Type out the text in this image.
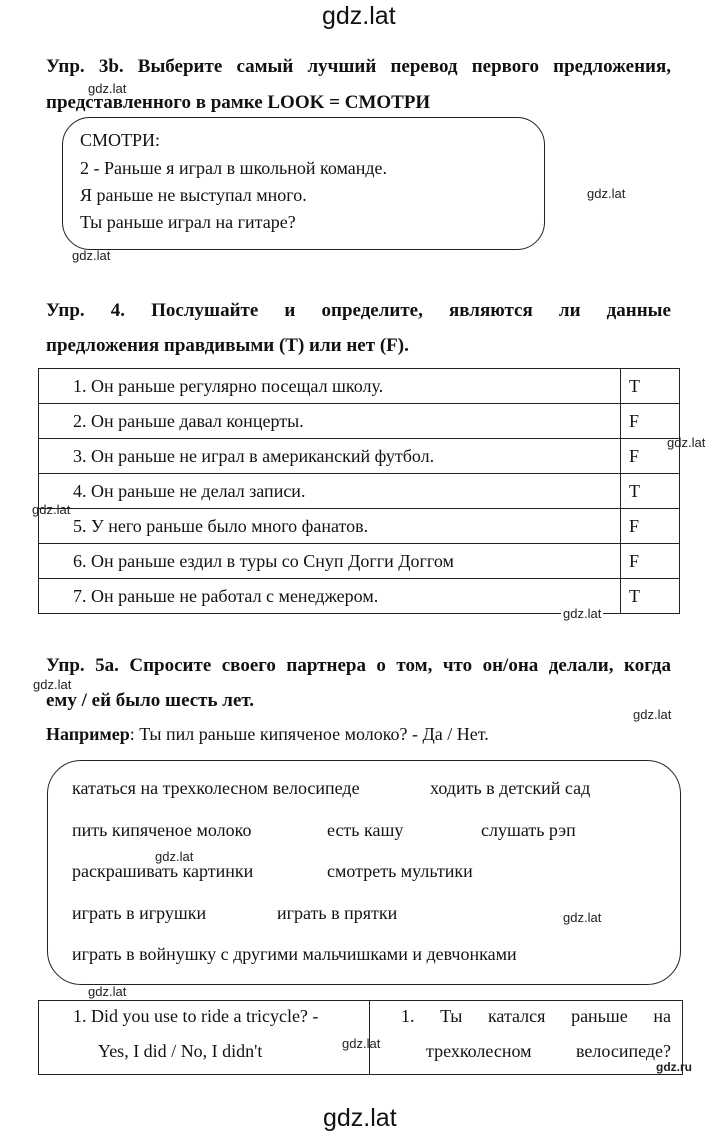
gdz.lat
Упр. 3b. Выберите самый лучший перевод первого предложения,
представленного в рамке LOOK = СМОТРИ
gdz.lat
СМОТРИ:
2 - Раньше я играл в школьной команде.
Я раньше не выступал много.
Ты раньше играл на гитаре?
gdz.lat
gdz.lat
Упр. 4. Послушайте и определите, являются ли данные
предложения правдивыми (T) или нет (F).
1. Он раньше регулярно посещал школу.	T
2. Он раньше давал концерты.	F
3. Он раньше не играл в американский футбол.	F
4. Он раньше не делал записи.	T
5. У него раньше было много фанатов.	F
6. Он раньше ездил в туры со Снуп Догги Доггом	F
7. Он раньше не работал с менеджером.	T
gdz.lat
gdz.lat
gdz.lat
Упр. 5a. Спросите своего партнера о том, что он/она делали, когда
ему / ей было шесть лет.
gdz.lat
gdz.lat
Например: Ты пил раньше кипяченое молоко? - Да / Нет.
кататься на трехколесном велосипеде	ходить в детский сад
пить кипяченое молоко	есть кашу	слушать рэп
gdz.lat
раскрашивать картинки	смотреть мультики
играть в игрушки	играть в прятки	gdz.lat
играть в войнушку с другими мальчишками и девчонками
gdz.lat
1. Did you use to ride a tricycle? -
Yes, I did / No, I didn't	gdz.lat
1. Ты катался раньше на
трехколесном велосипеде?
gdz.ru
gdz.lat
